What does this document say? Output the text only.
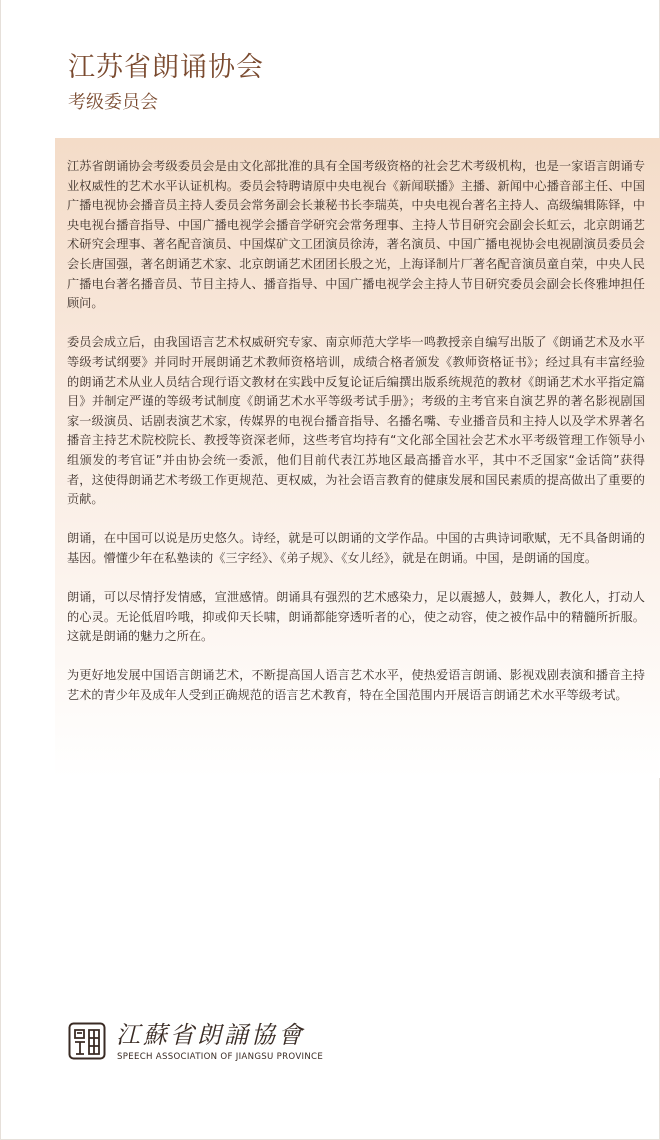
江苏省朗诵协会
考级委员会

江苏省朗诵协会考级委员会是由文化部批准的具有全国考级资格的社会艺术考级机构，也是一家语言朗诵专业权威性的艺术水平认证机构。委员会特聘请原中央电视台《新闻联播》主播、新闻中心播音部主任、中国广播电视协会播音员主持人委员会常务副会长兼秘书长李瑞英，中央电视台著名主持人、高级编辑陈铎，中央电视台播音指导、中国广播电视学会播音学研究会常务理事、主持人节目研究会副会长虹云，北京朗诵艺术研究会理事、著名配音演员、中国煤矿文工团演员徐涛，著名演员、中国广播电视协会电视剧演员委员会会长唐国强，著名朗诵艺术家、北京朗诵艺术团团长殷之光，上海译制片厂著名配音演员童自荣，中央人民广播电台著名播音员、节目主持人、播音指导、中国广播电视学会主持人节目研究委员会副会长佟雅坤担任顾问。

委员会成立后，由我国语言艺术权威研究专家、南京师范大学毕一鸣教授亲自编写出版了《朗诵艺术及水平等级考试纲要》并同时开展朗诵艺术教师资格培训，成绩合格者颁发《教师资格证书》；经过具有丰富经验的朗诵艺术从业人员结合现行语文教材在实践中反复论证后编撰出版系统规范的教材《朗诵艺术水平指定篇目》并制定严谨的等级考试制度《朗诵艺术水平等级考试手册》；考级的主考官来自演艺界的著名影视剧国家一级演员、话剧表演艺术家，传媒界的电视台播音指导、名播名嘴、专业播音员和主持人以及学术界著名播音主持艺术院校院长、教授等资深老师，这些考官均持有“文化部全国社会艺术水平考级管理工作领导小组颁发的考官证”并由协会统一委派，他们目前代表江苏地区最高播音水平，其中不乏国家“金话筒”获得者，这使得朗诵艺术考级工作更规范、更权威，为社会语言教育的健康发展和国民素质的提高做出了重要的贡献。

朗诵，在中国可以说是历史悠久。诗经，就是可以朗诵的文学作品。中国的古典诗词歌赋，无不具备朗诵的基因。懵懂少年在私塾读的《三字经》、《弟子规》、《女儿经》，就是在朗诵。中国，是朗诵的国度。

朗诵，可以尽情抒发情感，宣泄感情。朗诵具有强烈的艺术感染力，足以震撼人，鼓舞人，教化人，打动人的心灵。无论低眉吟哦，抑或仰天长啸，朗诵都能穿透听者的心，使之动容，使之被作品中的精髓所折服。这就是朗诵的魅力之所在。

为更好地发展中国语言朗诵艺术，不断提高国人语言艺术水平，使热爱语言朗诵、影视戏剧表演和播音主持艺术的青少年及成年人受到正确规范的语言艺术教育，特在全国范围内开展语言朗诵艺术水平等级考试。

江蘇省朗誦協會
SPEECH ASSOCIATION OF JIANGSU PROVINCE
